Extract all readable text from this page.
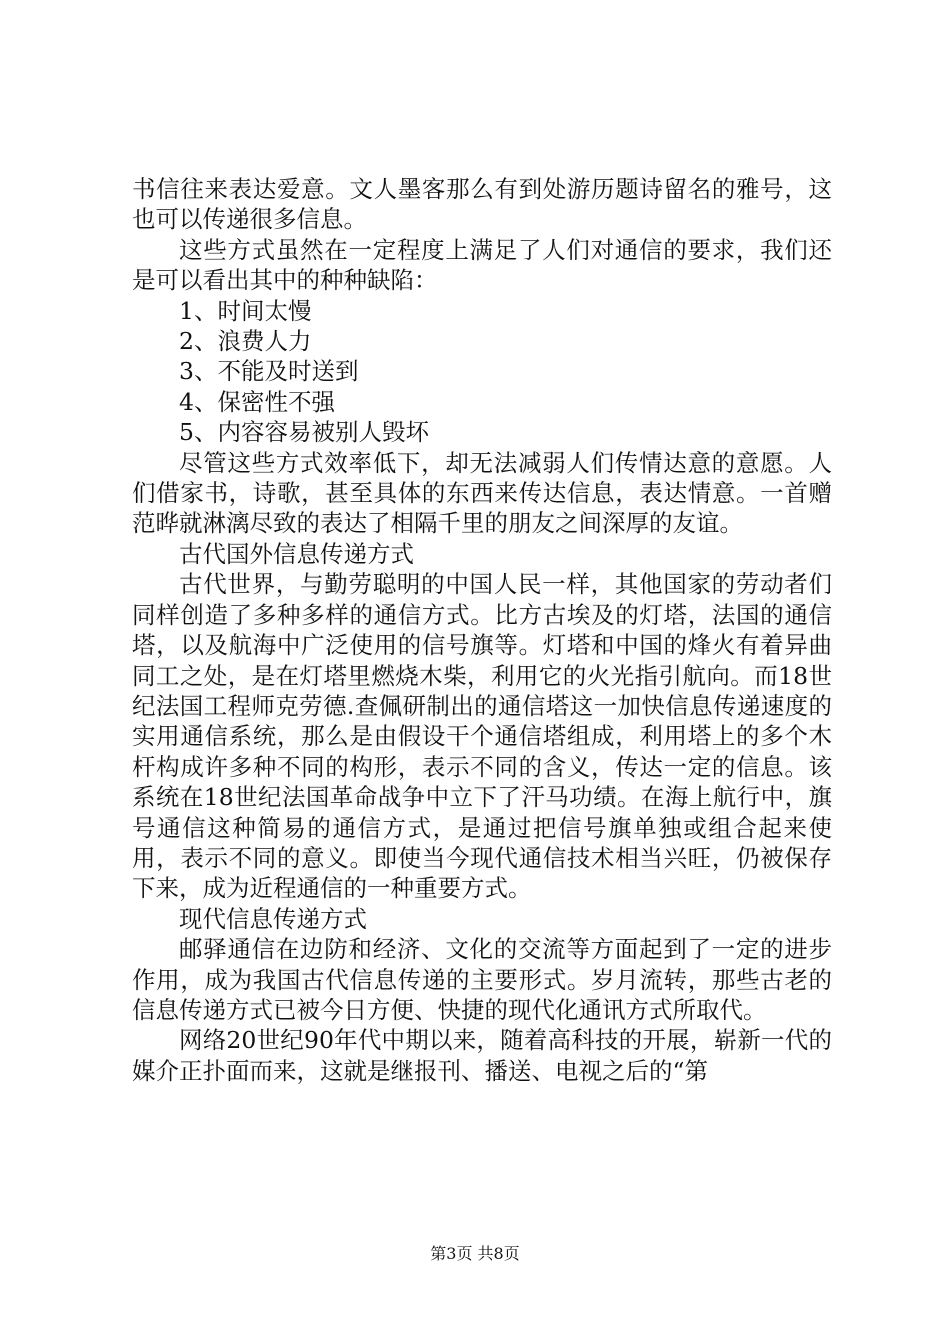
书信往来表达爱意。文人墨客那么有到处游历题诗留名的雅号，这也可以传递很多信息。

这些方式虽然在一定程度上满足了人们对通信的要求，我们还是可以看出其中的种种缺陷：

1、时间太慢

2、浪费人力

3、不能及时送到

4、保密性不强

5、内容容易被别人毁坏

尽管这些方式效率低下，却无法减弱人们传情达意的意愿。人们借家书，诗歌，甚至具体的东西来传达信息，表达情意。一首赠范晔就淋漓尽致的表达了相隔千里的朋友之间深厚的友谊。

古代国外信息传递方式

古代世界，与勤劳聪明的中国人民一样，其他国家的劳动者们同样创造了多种多样的通信方式。比方古埃及的灯塔，法国的通信塔，以及航海中广泛使用的信号旗等。灯塔和中国的烽火有着异曲同工之处，是在灯塔里燃烧木柴，利用它的火光指引航向。而18世纪法国工程师克劳德.查佩研制出的通信塔这一加快信息传递速度的实用通信系统，那么是由假设干个通信塔组成，利用塔上的多个木杆构成许多种不同的构形，表示不同的含义，传达一定的信息。该系统在18世纪法国革命战争中立下了汗马功绩。在海上航行中，旗号通信这种简易的通信方式，是通过把信号旗单独或组合起来使用，表示不同的意义。即使当今现代通信技术相当兴旺，仍被保存下来，成为近程通信的一种重要方式。

现代信息传递方式

邮驿通信在边防和经济、文化的交流等方面起到了一定的进步作用，成为我国古代信息传递的主要形式。岁月流转，那些古老的信息传递方式已被今日方便、快捷的现代化通讯方式所取代。

网络20世纪90年代中期以来，随着高科技的开展，崭新一代的媒介正扑面而来，这就是继报刊、播送、电视之后的“第

第3页 共8页
